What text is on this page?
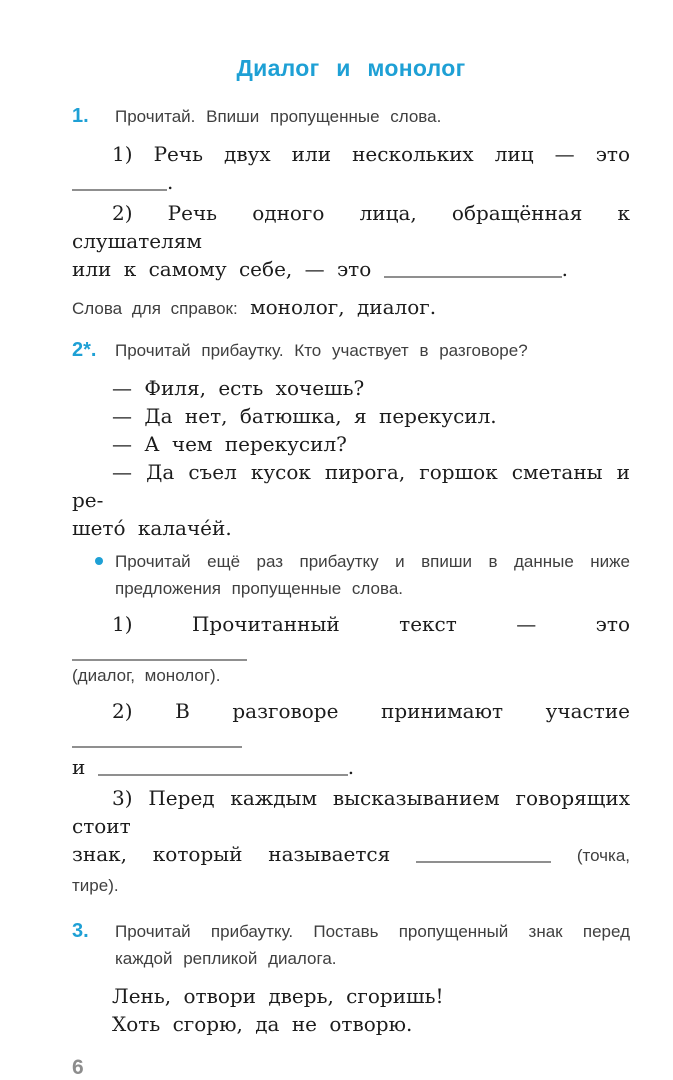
Диалог и монолог
1.	Прочитай. Впиши пропущенные слова.
1) Речь двух или нескольких лиц — это .
2) Речь одного лица, обращённая к слушателям
или к самому себе, — это	.
Слова для справок: монолог, диалог.
2*.	Прочитай прибаутку. Кто участвует в разговоре?
— Филя, есть хочешь?
— Да нет, батюшка, я перекусил.
— А чем перекусил?
— Да съел кусок пирога, горшок сметаны и ре-
шето́ калаче́й.
Прочитай ещё раз прибаутку и впиши в данные ниже
предложения пропущенные слова.
1) Прочитанный текст — это
(диалог, монолог).
2) В разговоре принимают участие
и	.
3) Перед каждым высказыванием говорящих стоит
знак, который называется	(точка, тире).
3.	Прочитай прибаутку. Поставь пропущенный знак перед
каждой репликой диалога.
Лень, отвори дверь, сгоришь!
Хоть сгорю, да не отворю.
6
